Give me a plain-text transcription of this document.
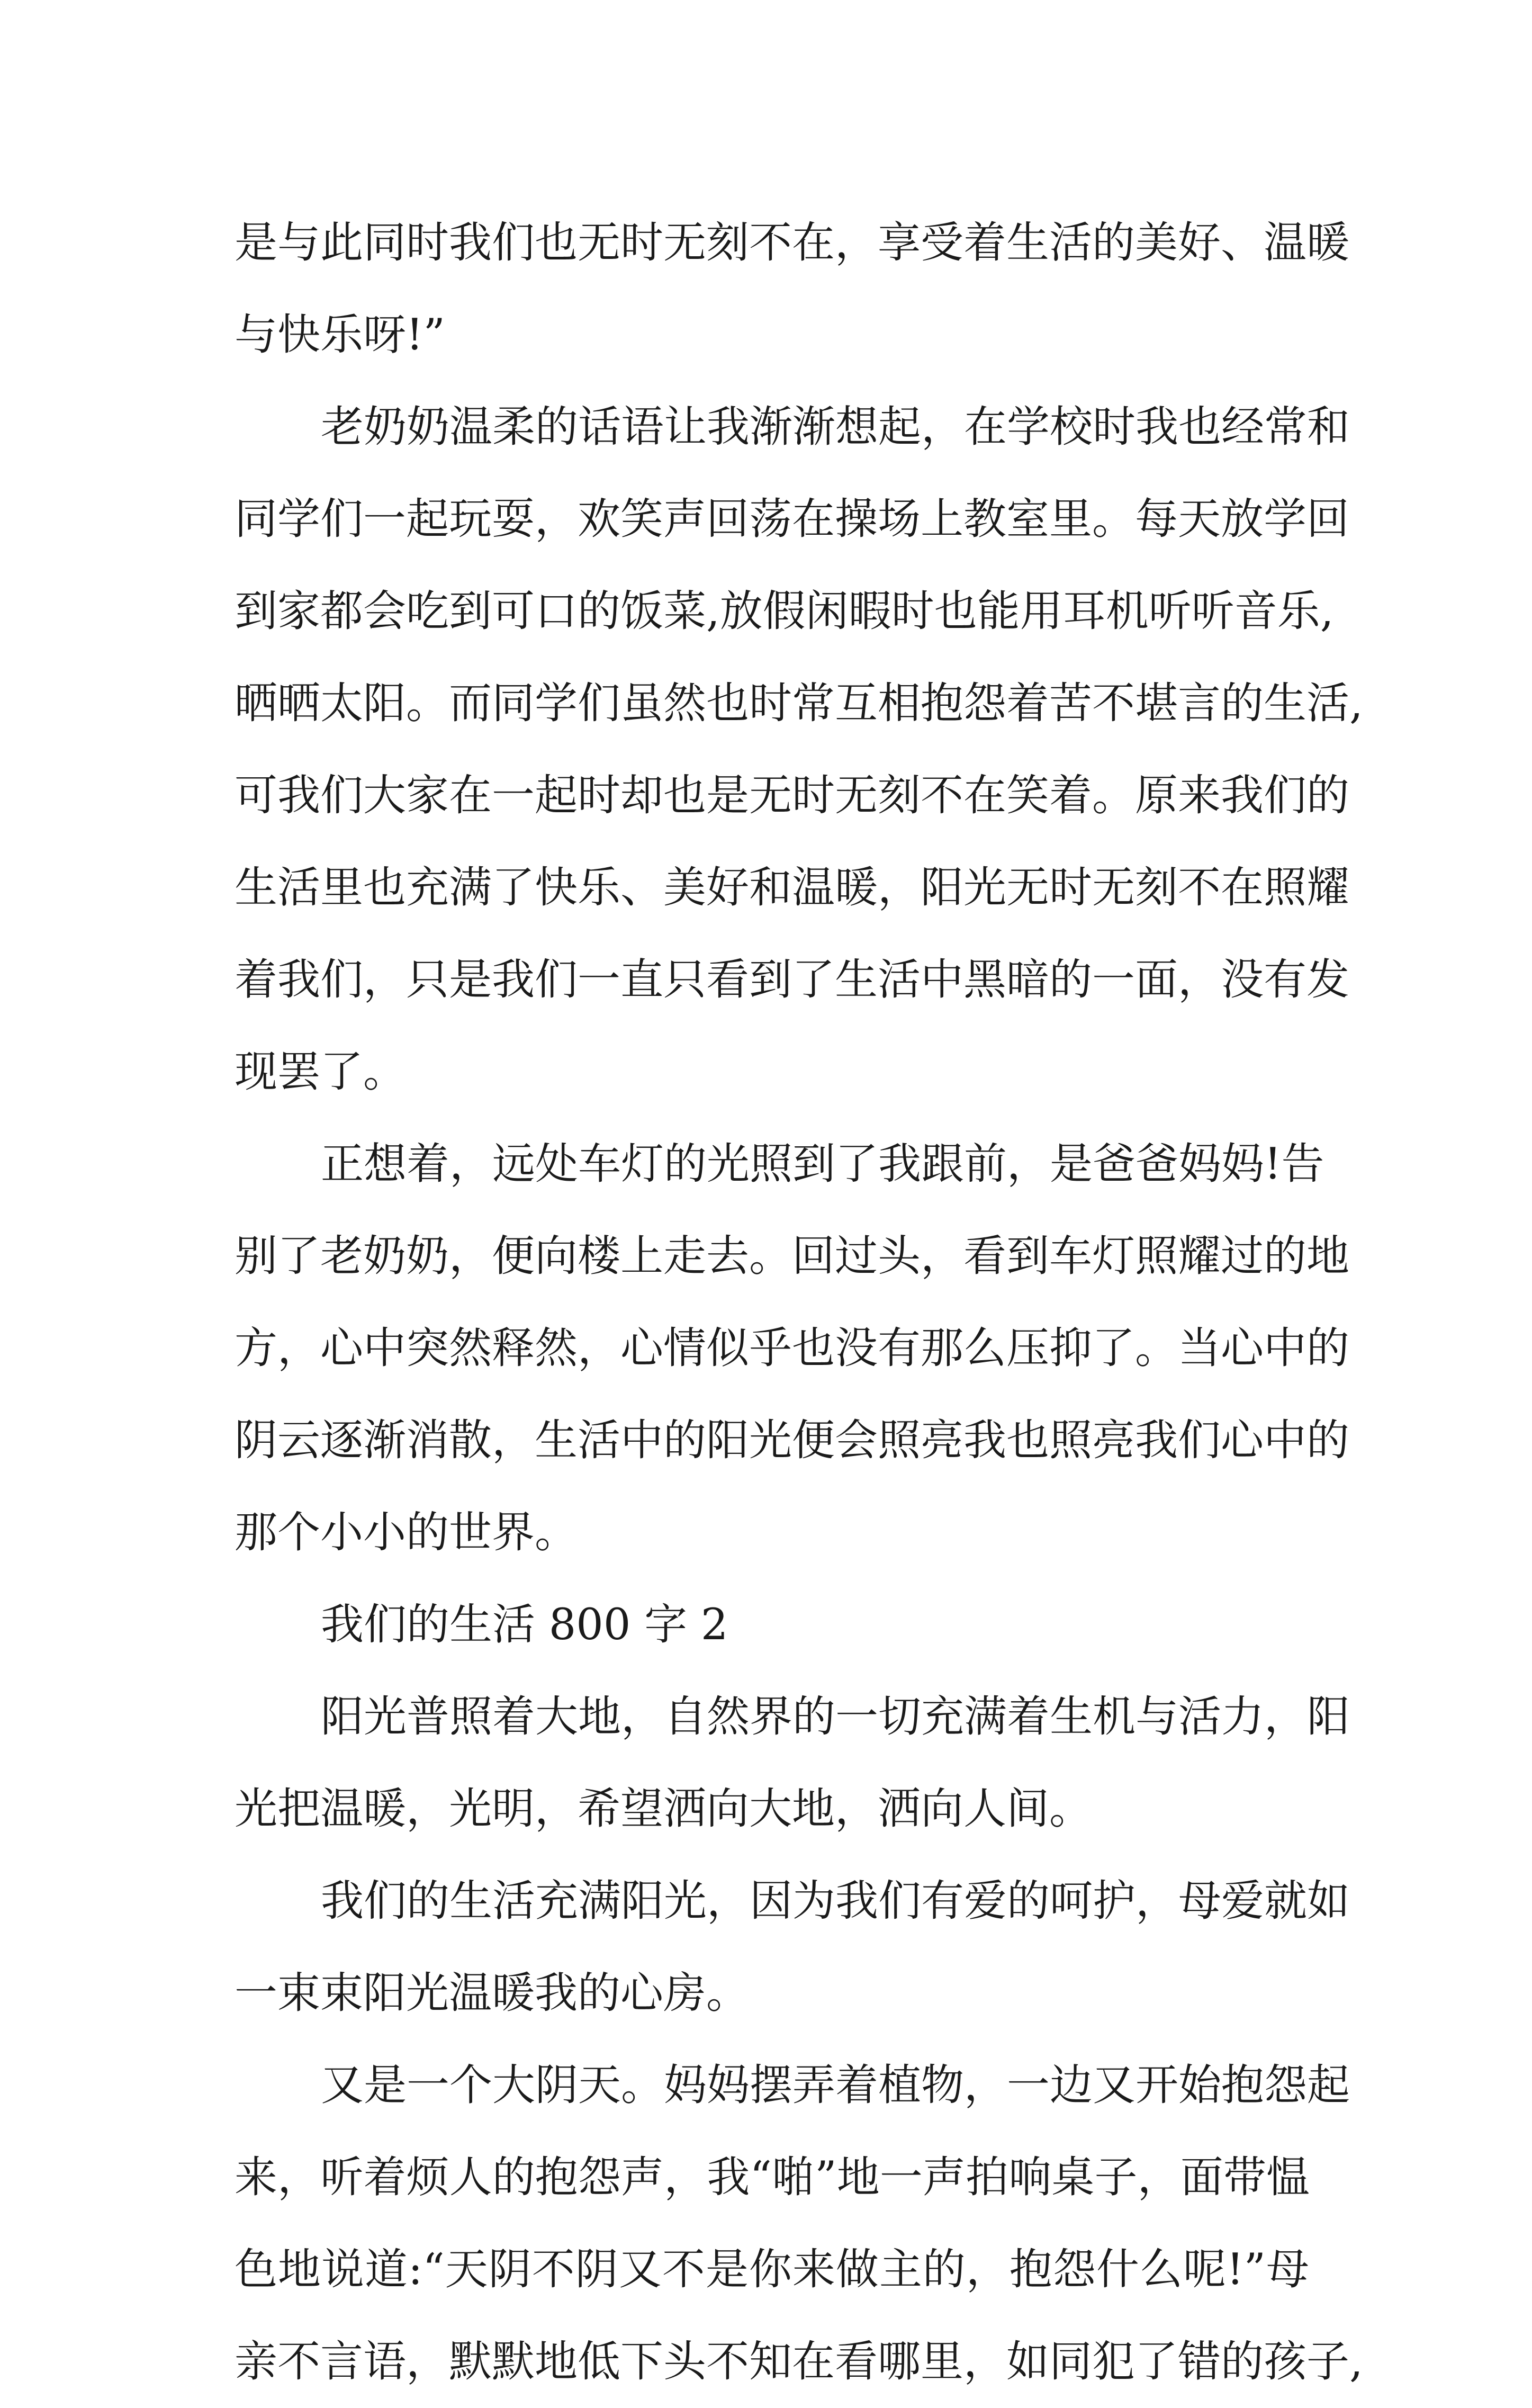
是与此同时我们也无时无刻不在，享受着生活的美好、温暖
与快乐呀!”
老奶奶温柔的话语让我渐渐想起，在学校时我也经常和
同学们一起玩耍，欢笑声回荡在操场上教室里。每天放学回
到家都会吃到可口的饭菜,放假闲暇时也能用耳机听听音乐,
晒晒太阳。而同学们虽然也时常互相抱怨着苦不堪言的生活,
可我们大家在一起时却也是无时无刻不在笑着。原来我们的
生活里也充满了快乐、美好和温暖，阳光无时无刻不在照耀
着我们，只是我们一直只看到了生活中黑暗的一面，没有发
现罢了。
正想着，远处车灯的光照到了我跟前，是爸爸妈妈!告
别了老奶奶，便向楼上走去。回过头，看到车灯照耀过的地
方，心中突然释然，心情似乎也没有那么压抑了。当心中的
阴云逐渐消散，生活中的阳光便会照亮我也照亮我们心中的
那个小小的世界。
我们的生活 800 字 2
阳光普照着大地，自然界的一切充满着生机与活力，阳
光把温暖，光明，希望洒向大地，洒向人间。
我们的生活充满阳光，因为我们有爱的呵护，母爱就如
一束束阳光温暖我的心房。
又是一个大阴天。妈妈摆弄着植物，一边又开始抱怨起
来，听着烦人的抱怨声，我“啪”地一声拍响桌子，面带愠
色地说道:“天阴不阴又不是你来做主的，抱怨什么呢!”母
亲不言语，默默地低下头不知在看哪里，如同犯了错的孩子,
